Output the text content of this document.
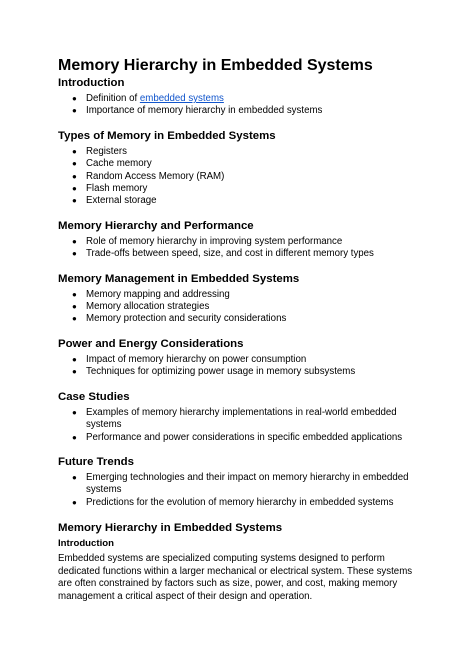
Memory Hierarchy in Embedded Systems
Introduction
● Definition of embedded systems
● Importance of memory hierarchy in embedded systems
Types of Memory in Embedded Systems
● Registers
● Cache memory
● Random Access Memory (RAM)
● Flash memory
● External storage
Memory Hierarchy and Performance
● Role of memory hierarchy in improving system performance
● Trade-offs between speed, size, and cost in different memory types
Memory Management in Embedded Systems
● Memory mapping and addressing
● Memory allocation strategies
● Memory protection and security considerations
Power and Energy Considerations
● Impact of memory hierarchy on power consumption
● Techniques for optimizing power usage in memory subsystems
Case Studies
● Examples of memory hierarchy implementations in real-world embedded systems
● Performance and power considerations in specific embedded applications
Future Trends
● Emerging technologies and their impact on memory hierarchy in embedded systems
● Predictions for the evolution of memory hierarchy in embedded systems
Memory Hierarchy in Embedded Systems
Introduction

Embedded systems are specialized computing systems designed to perform dedicated functions within a larger mechanical or electrical system. These systems are often constrained by factors such as size, power, and cost, making memory management a critical aspect of their design and operation.
